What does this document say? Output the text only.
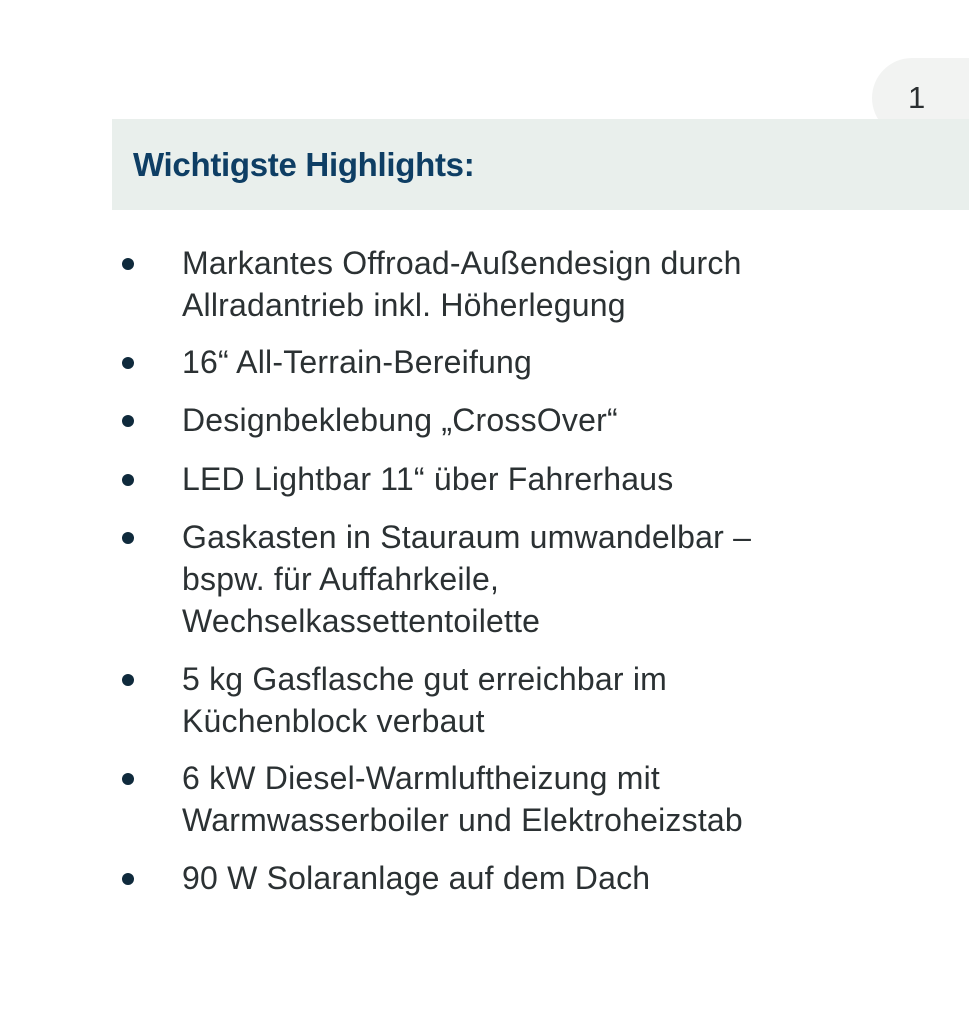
1
Wichtigste Highlights:
Markantes Offroad-Außendesign durch
Allradantrieb inkl. Höherlegung
16“ All-Terrain-Bereifung
Designbeklebung „CrossOver“
LED Lightbar 11“ über Fahrerhaus
Gaskasten in Stauraum umwandelbar –
bspw. für Auffahrkeile,
Wechselkassettentoilette
5 kg Gasflasche gut erreichbar im
Küchenblock verbaut
6 kW Diesel-Warmluftheizung mit
Warmwasserboiler und Elektroheizstab
90 W Solaranlage auf dem Dach
